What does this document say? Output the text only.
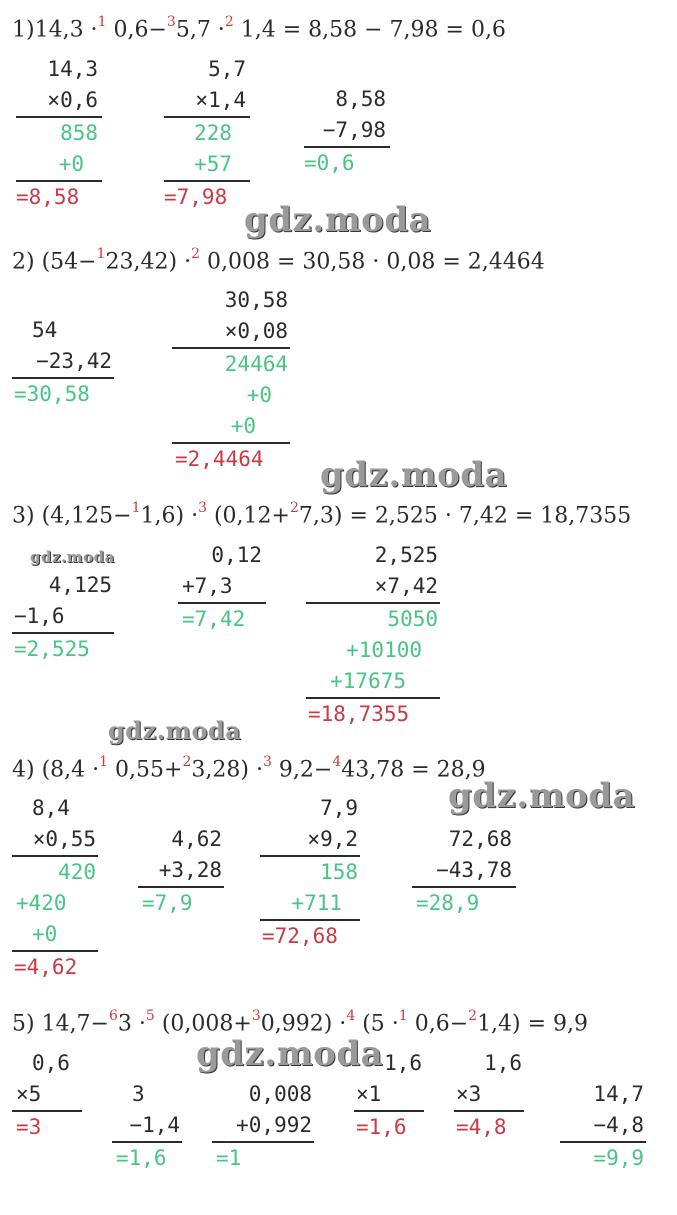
1)14,3 ·$^1$ 0,6−$^3$5,7 ·$^2$ 1,4 = 8,58 − 7,98 = 0,6
14,3
×0,6
858
+0
=8,58
5,7
×1,4
228
+57
=7,98
8,58
−7,98
=0,6
gdz.moda
2) (54−$^1$23,42) ·$^2$ 0,008 = 30,58 · 0,08 = 2,4464
54
−23,42
=30,58
30,58
×0,08
24464
+0
+0
=2,4464	gdz.moda
3) (4,125−$^1$1,6) ·$^3$ (0,12+$^2$7,3) = 2,525 · 7,42 = 18,7355
gdz.moda
4,125
−1,6
=2,525
0,12
+7,3
=7,42
2,525
×7,42
5050
+10100
+17675
=18,7355
gdz.moda
4) (8,4 ·$^1$ 0,55+$^2$3,28) ·$^3$ 9,2−$^4$43,78 = 28,9
gdz.moda
8,4
×0,55
420
+420
+0
=4,62
4,62
+3,28
=7,9
7,9
×9,2
158
+711
=72,68
72,68
−43,78
=28,9
5) 14,7−$^6$3 ·$^5$ (0,008+$^3$0,992) ·$^4$ (5 ·$^1$ 0,6−$^2$1,4) = 9,9
0,6
×5
=3
3
−1,4
=1,6
0,008
+0,992
=1
1,6
×1
=1,6
1,6
×3
=4,8
14,7
−4,8
=9,9
gdz.moda
